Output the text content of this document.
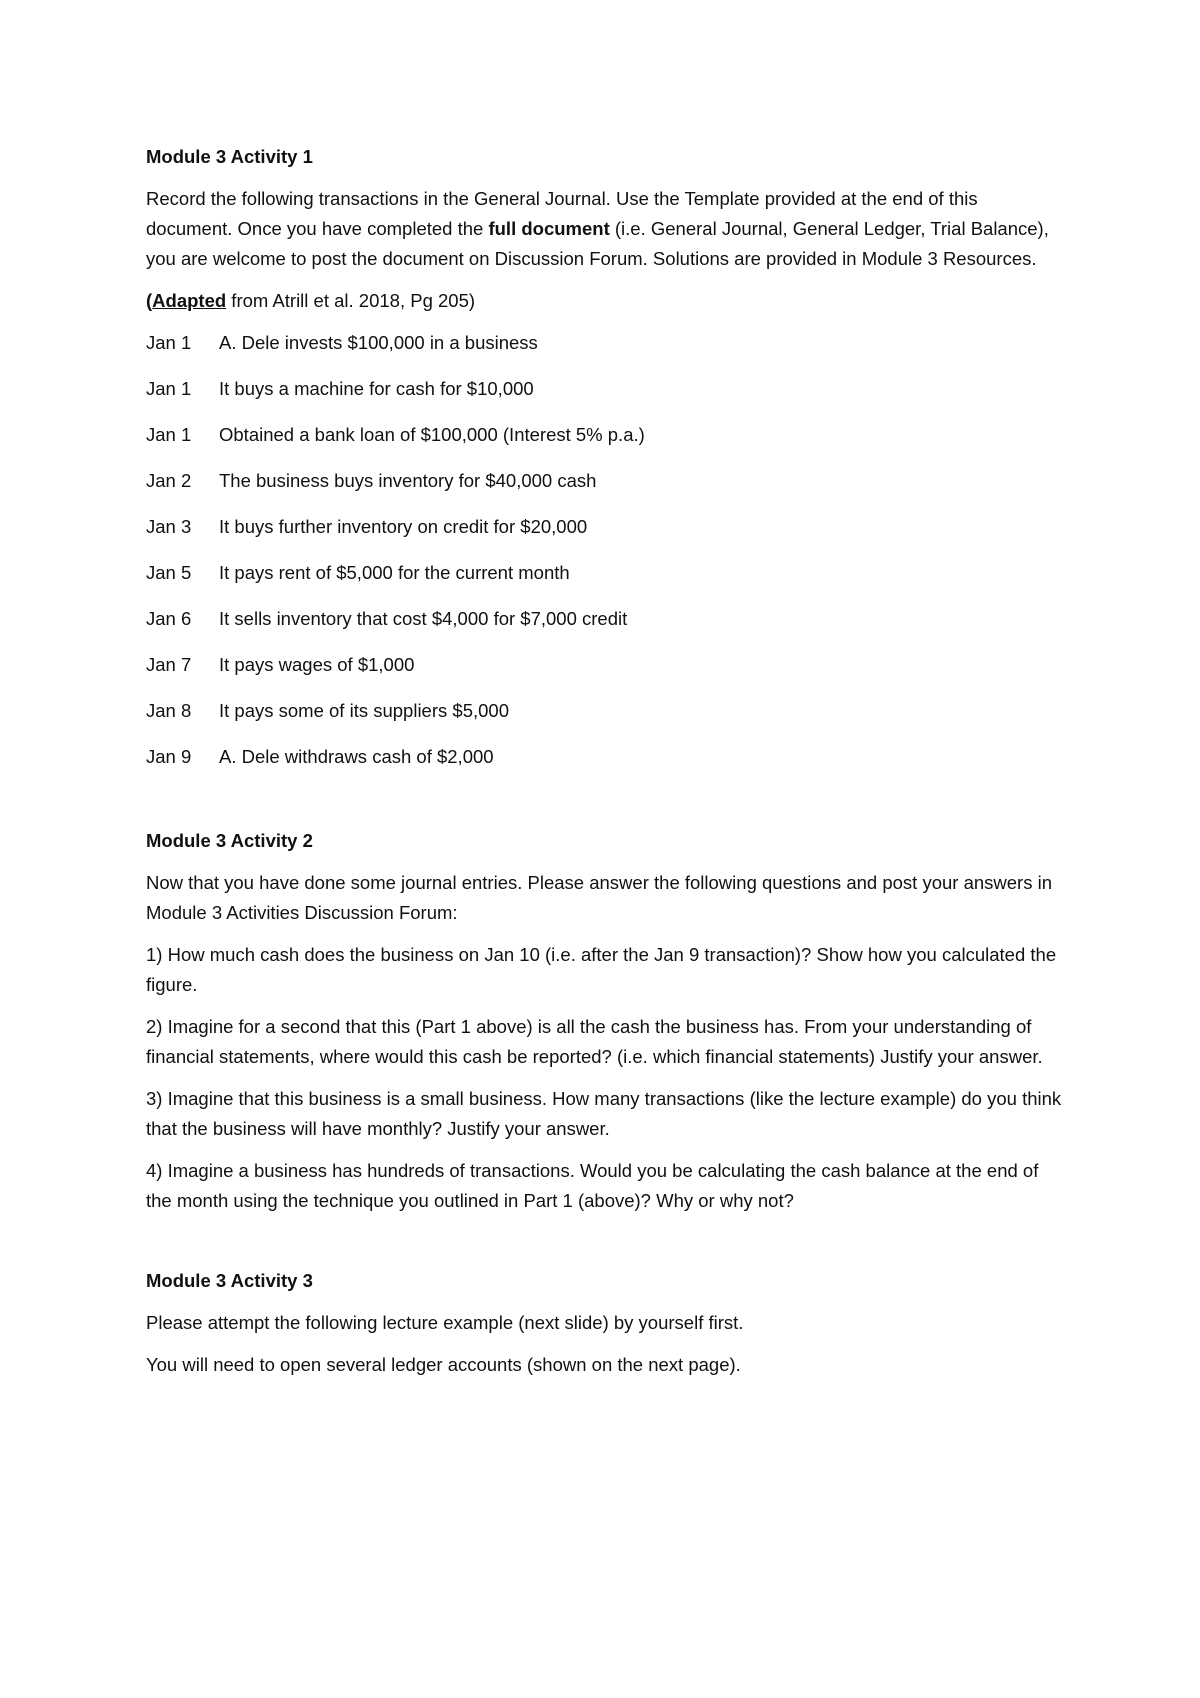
Module 3 Activity 1

Record the following transactions in the General Journal. Use the Template provided at the end of this document. Once you have completed the full document (i.e. General Journal, General Ledger, Trial Balance), you are welcome to post the document on Discussion Forum. Solutions are provided in Module 3 Resources.

(Adapted from Atrill et al. 2018, Pg 205)

Jan 1	A. Dele invests $100,000 in a business
Jan 1	It buys a machine for cash for $10,000
Jan 1	Obtained a bank loan of $100,000 (Interest 5% p.a.)
Jan 2	The business buys inventory for $40,000 cash
Jan 3	It buys further inventory on credit for $20,000
Jan 5	It pays rent of $5,000 for the current month
Jan 6	It sells inventory that cost $4,000 for $7,000 credit
Jan 7	It pays wages of $1,000
Jan 8	It pays some of its suppliers $5,000
Jan 9	A. Dele withdraws cash of $2,000
Module 3 Activity 2

Now that you have done some journal entries. Please answer the following questions and post your answers in Module 3 Activities Discussion Forum:

1) How much cash does the business on Jan 10 (i.e. after the Jan 9 transaction)? Show how you calculated the figure.

2) Imagine for a second that this (Part 1 above) is all the cash the business has. From your understanding of financial statements, where would this cash be reported? (i.e. which financial statements) Justify your answer.

3) Imagine that this business is a small business. How many transactions (like the lecture example) do you think that the business will have monthly? Justify your answer.

4) Imagine a business has hundreds of transactions. Would you be calculating the cash balance at the end of the month using the technique you outlined in Part 1 (above)? Why or why not?

Module 3 Activity 3

Please attempt the following lecture example (next slide) by yourself first.

You will need to open several ledger accounts (shown on the next page).
